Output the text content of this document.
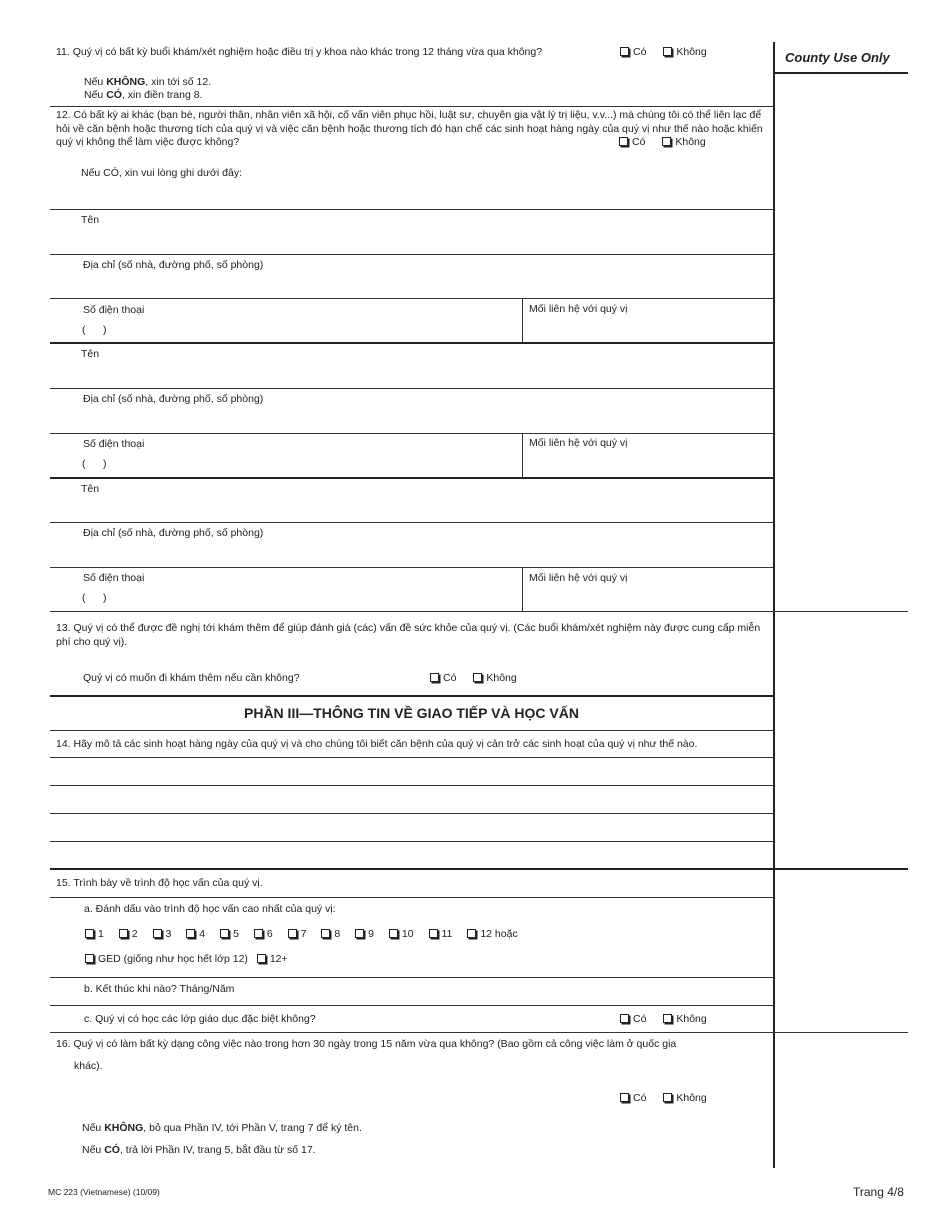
County Use Only
11. Quý vị có bất kỳ buổi khám/xét nghiệm hoặc điều trị y khoa nào khác trong 12 tháng vừa qua không?	Có	Không
Nếu KHÔNG, xin tới số 12.
Nếu CÓ, xin điền trang 8.
12. Có bất kỳ ai khác (bạn bè, người thân, nhân viên xã hội, cố vấn viên phục hồi, luật sư, chuyên gia vật lý trị liệu, v.v...) mà chúng tôi có thể liên lạc để hỏi về căn bệnh hoặc thương tích của quý vị và việc căn bệnh hoặc thương tích đó hạn chế các sinh hoạt hàng ngày của quý vị như thế nào hoặc khiến quý vị không thể làm việc được không?	Có	Không
Nếu CÓ, xin vui lòng ghi dưới đây:
Tên
Địa chỉ (số nhà, đường phố, số phòng)
Số điện thoại
(      )
Mối liên hệ với quý vị
Tên
Địa chỉ (số nhà, đường phố, số phòng)
Số điện thoại
(      )
Mối liên hệ với quý vị
Tên
Địa chỉ (số nhà, đường phố, số phòng)
Số điện thoại
(      )
Mối liên hệ với quý vị
13. Quý vị có thể được đề nghị tới khám thêm để giúp đánh giá (các) vấn đề sức khỏe của quý vị. (Các buổi khám/xét nghiệm này được cung cấp miễn phí cho quý vị).
Quý vị có muốn đi khám thêm nếu cần không?	Có	Không
PHẦN III—THÔNG TIN VỀ GIAO TIẾP VÀ HỌC VẤN
14. Hãy mô tả các sinh hoạt hàng ngày của quý vị và cho chúng tôi biết căn bệnh của quý vị cản trở các sinh hoạt của quý vị như thế nào.
15. Trình bày về trình độ học vấn của quý vị.
a. Đánh dấu vào trình độ học vấn cao nhất của quý vị:
1	2	3	4	5	6	7	8	9	10	11	12 hoặc
GED (giống như học hết lớp 12) 12+
b. Kết thúc khi nào? Tháng/Năm
c. Quý vị có học các lớp giáo dục đặc biệt không?	Có	Không
16. Quý vị có làm bất kỳ dạng công việc nào trong hơn 30 ngày trong 15 năm vừa qua không? (Bao gồm cả công việc làm ở quốc gia
khác).
Có	Không
Nếu KHÔNG, bỏ qua Phần IV, tới Phần V, trang 7 để ký tên.
Nếu CÓ, trả lời Phần IV, trang 5, bắt đầu từ số 17.
MC 223 (Vietnamese) (10/09)	Trang 4/8
